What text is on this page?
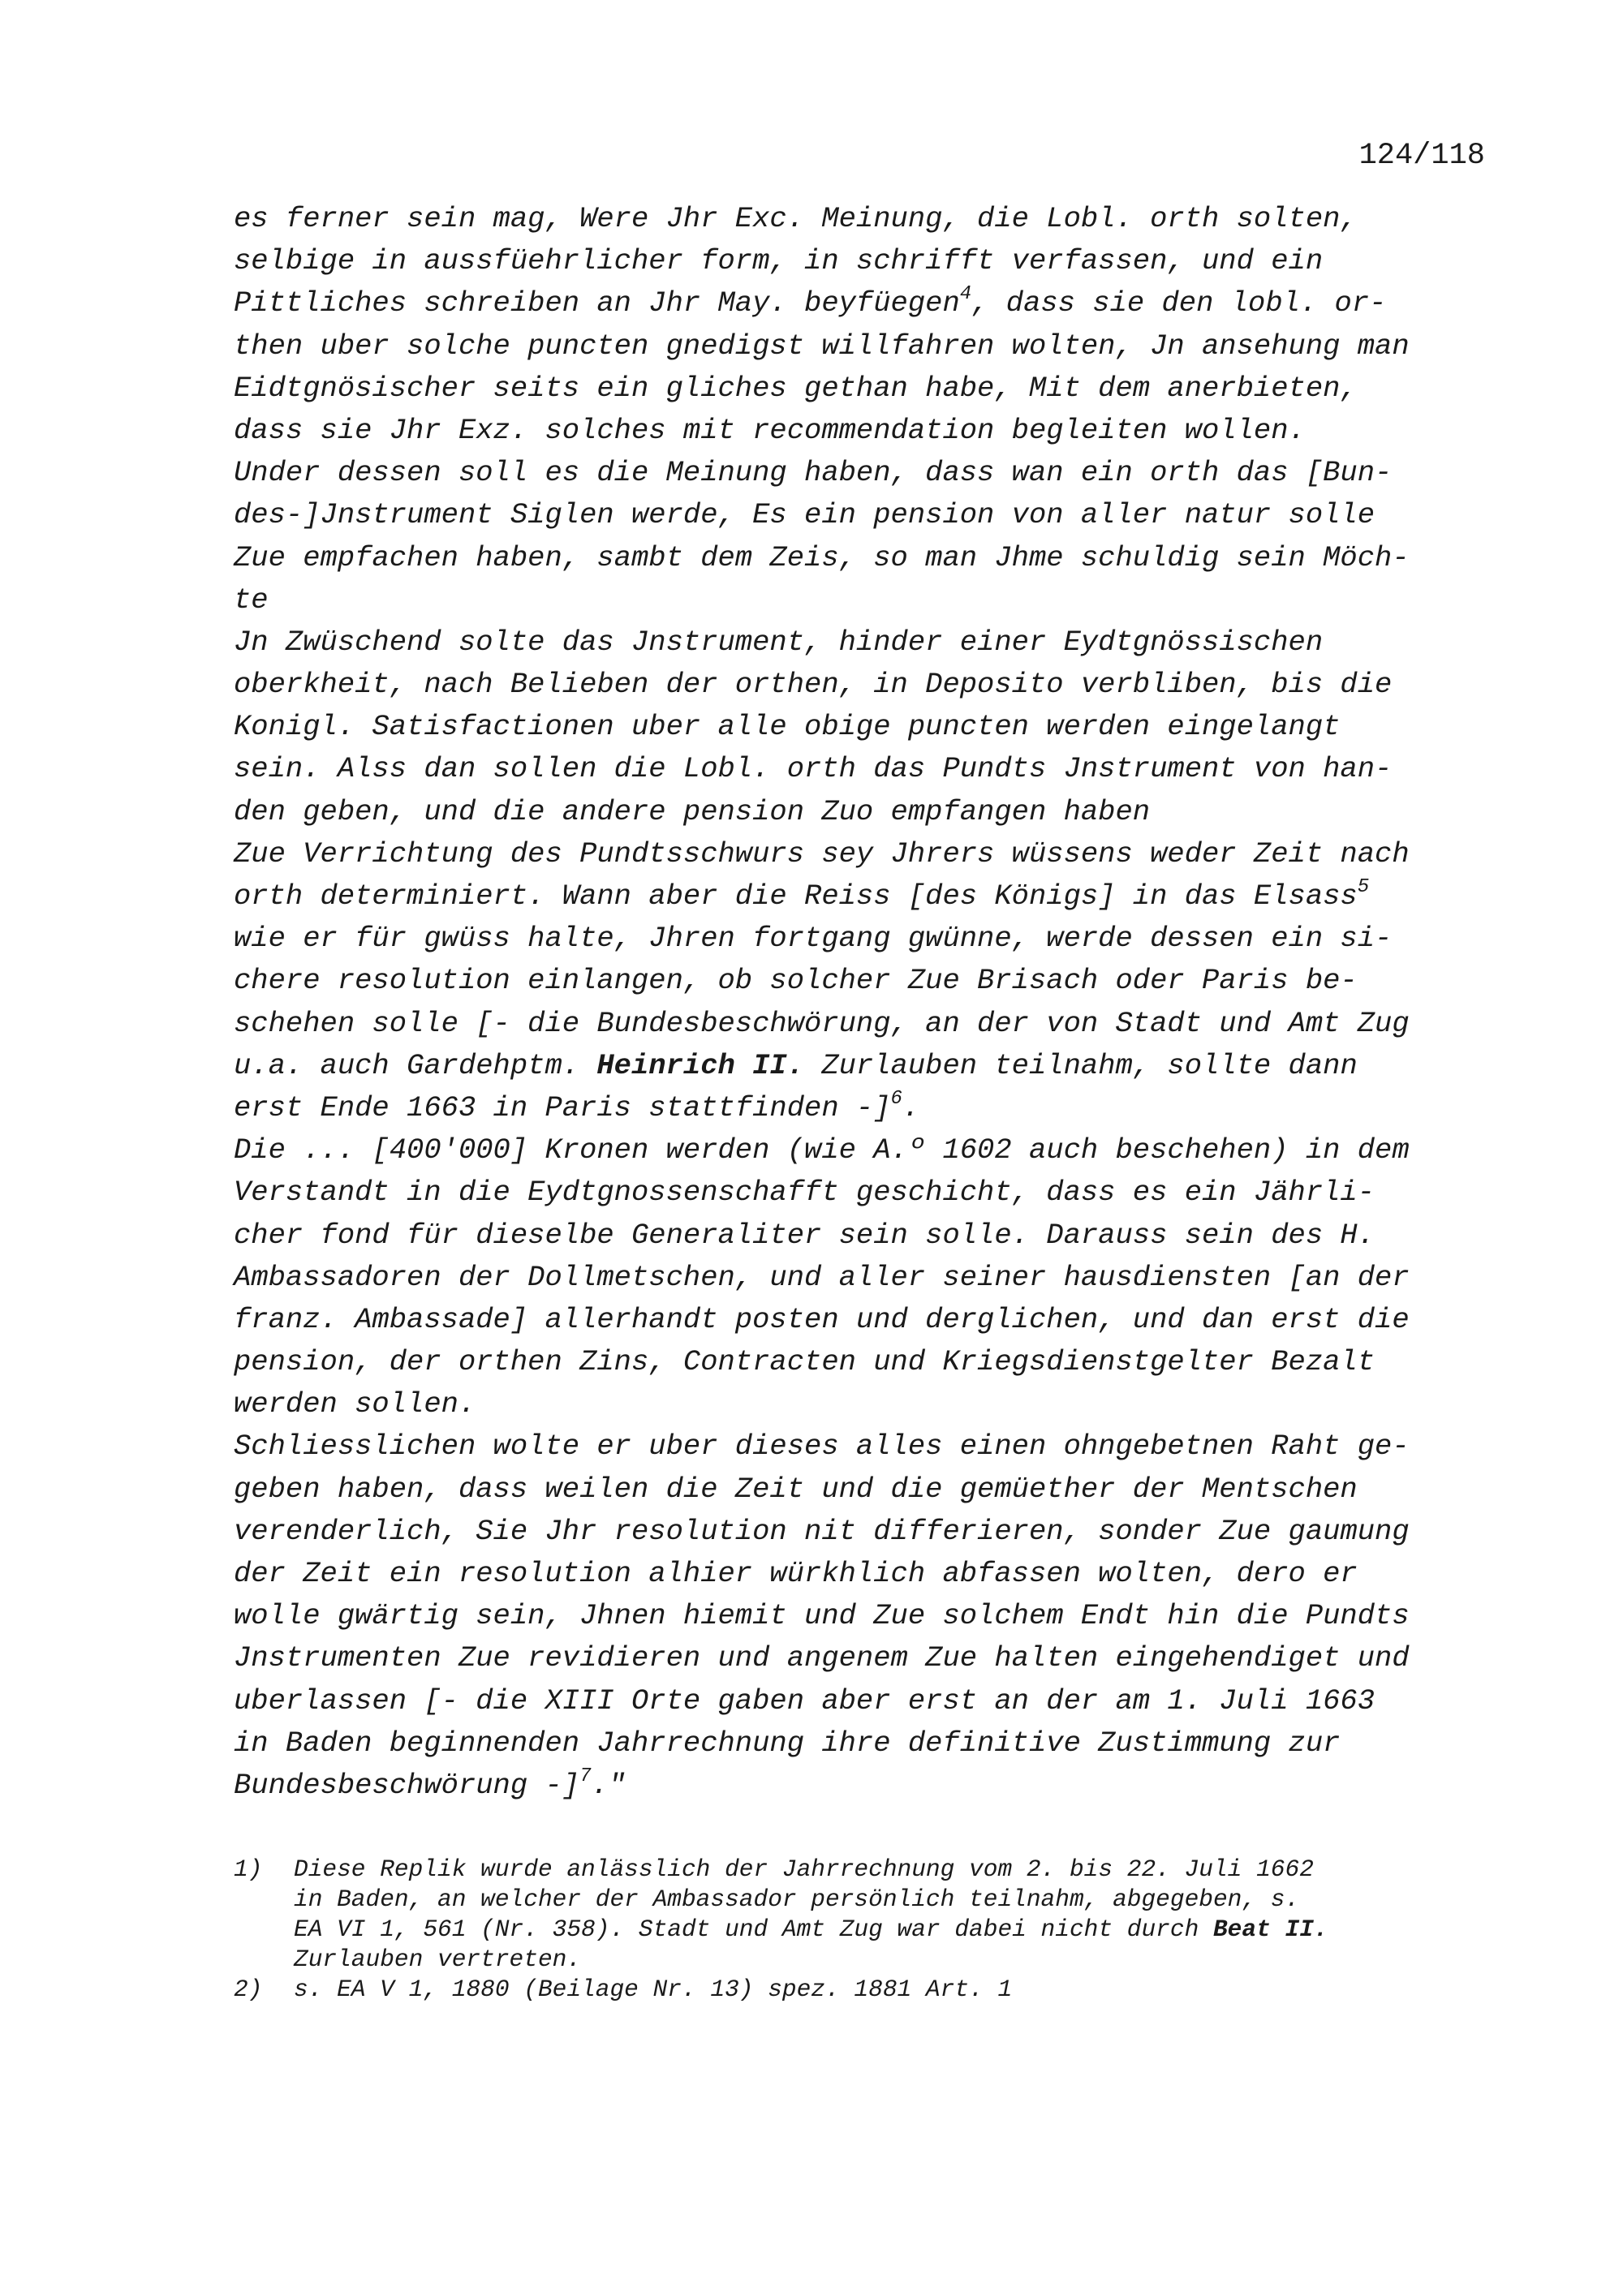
124/118
es ferner sein mag, Were Jhr Exc. Meinung, die Lobl. orth solten,
selbige in aussfüehrlicher form, in schrifft verfassen, und ein
Pittliches schreiben an Jhr May. beyfüegen$^4$, dass sie den lobl. or-
then uber solche puncten gnedigst willfahren wolten, Jn ansehung man
Eidtgnösischer seits ein gliches gethan habe, Mit dem anerbieten,
dass sie Jhr Exz. solches mit recommendation begleiten wollen.
Under dessen soll es die Meinung haben, dass wan ein orth das [Bun-
des-]Jnstrument Siglen werde, Es ein pension von aller natur solle
Zue empfachen haben, sambt dem Zeis, so man Jhme schuldig sein Möch-
te
Jn Zwüschend solte das Jnstrument, hinder einer Eydtgnössischen
oberkheit, nach Belieben der orthen, in Deposito verbliben, bis die
Konigl. Satisfactionen uber alle obige puncten werden eingelangt
sein. Alss dan sollen die Lobl. orth das Pundts Jnstrument von han-
den geben, und die andere pension Zuo empfangen haben
Zue Verrichtung des Pundtsschwurs sey Jhrers wüssens weder Zeit nach
orth determiniert. Wann aber die Reiss [des Königs] in das Elsass$^5$
wie er für gwüss halte, Jhren fortgang gwünne, werde dessen ein si-
chere resolution einlangen, ob solcher Zue Brisach oder Paris be-
schehen solle [- die Bundesbeschwörung, an der von Stadt und Amt Zug
u.a. auch Gardehptm. Heinrich II. Zurlauben teilnahm, sollte dann
erst Ende 1663 in Paris stattfinden -]$^6$.
Die ... [400'000] Kronen werden (wie A.º 1602 auch beschehen) in dem
Verstandt in die Eydtgnossenschafft geschicht, dass es ein Jährli-
cher fond für dieselbe Generaliter sein solle. Darauss sein des H.
Ambassadoren der Dollmetschen, und aller seiner hausdiensten [an der
franz. Ambassade] allerhandt posten und derglichen, und dan erst die
pension, der orthen Zins, Contracten und Kriegsdienstgelter Bezalt
werden sollen.
Schliesslichen wolte er uber dieses alles einen ohngebetnen Raht ge-
geben haben, dass weilen die Zeit und die gemüether der Mentschen
verenderlich, Sie Jhr resolution nit differieren, sonder Zue gaumung
der Zeit ein resolution alhier würkhlich abfassen wolten, dero er
wolle gwärtig sein, Jhnen hiemit und Zue solchem Endt hin die Pundts
Jnstrumenten Zue revidieren und angenem Zue halten eingehendiget und
uberlassen [- die XIII Orte gaben aber erst an der am 1. Juli 1663
in Baden beginnenden Jahrrechnung ihre definitive Zustimmung zur
Bundesbeschwörung -]$^7$."
1) Diese Replik wurde anlässlich der Jahrrechnung vom 2. bis 22. Juli 1662
in Baden, an welcher der Ambassador persönlich teilnahm, abgegeben, s.
EA VI 1, 561 (Nr. 358). Stadt und Amt Zug war dabei nicht durch Beat II.
Zurlauben vertreten.
2) s. EA V 1, 1880 (Beilage Nr. 13) spez. 1881 Art. 1
